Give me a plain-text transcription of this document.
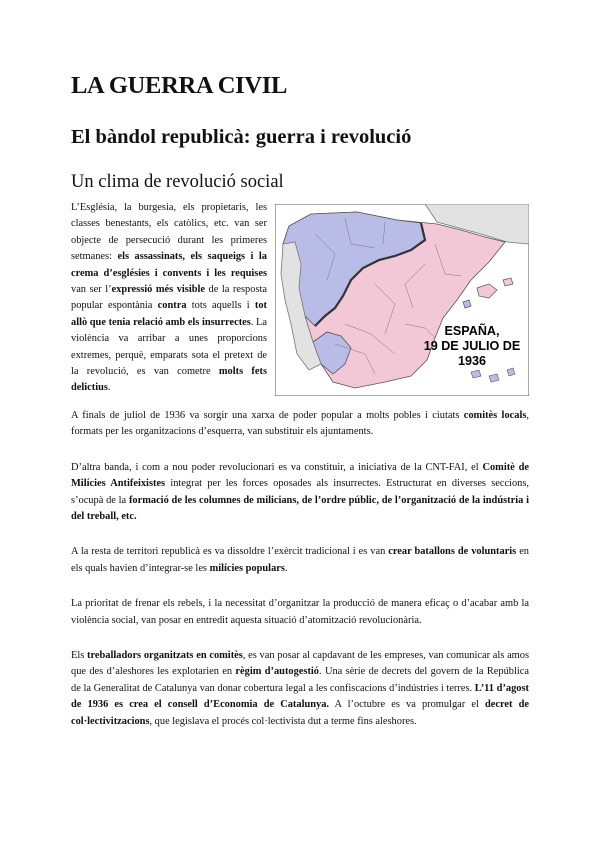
LA GUERRA CIVIL
El bàndol republicà: guerra i revolució
Un clima de revolució social

L’Església, la burgesia, els propietaris, les classes benestants, els catòlics, etc. van ser objecte de persecució durant les primeres setmanes: els assassinats, els saqueigs i la crema d’esglésies i convents i les requises van ser l’expressió més visible de la resposta popular espontània contra tots aquells i tot allò que tenia relació amb els insurrectes. La violència va arribar a unes proporcions extremes, perquè, emparats sota el pretext de la revolució, es van cometre molts fets delictius.

ESPAÑA,
19 DE JULIO DE
1936

A finals de juliol de 1936 va sorgir una xarxa de poder popular a molts pobles i ciutats comitès locals, formats per les organitzacions d’esquerra, van substituir els ajuntaments.

D’altra banda, i com a nou poder revolucionari es va constituir, a iniciativa de la CNT-FAI, el Comitè de Milícies Antifeixistes integrat per les forces oposades als insurrectes. Estructurat en diverses seccions, s’ocupà de la formació de les columnes de milicians, de l’ordre públic, de l’organització de la indústria i del treball, etc.

A la resta de territori republicà es va dissoldre l’exèrcit tradicional i es van crear batallons de voluntaris en els quals havien d’integrar-se les milícies populars.

La prioritat de frenar els rebels, i la necessitat d’organitzar la producció de manera eficaç o d’acabar amb la violència social, van posar en entredit aquesta situació d’atomització revolucionària.

Els treballadors organitzats en comitès, es van posar al capdavant de les empreses, van comunicar als amos que des d’aleshores les explotarien en règim d’autogestió. Una sèrie de decrets del govern de la República de la Generalitat de Catalunya van donar cobertura legal a les confiscacions d’indústries i terres. L’11 d’agost de 1936 es crea el consell d’Economia de Catalunya. A l’octubre es va promulgar el decret de col·lectivitzacions, que legislava el procés col·lectivista dut a terme fins aleshores.
